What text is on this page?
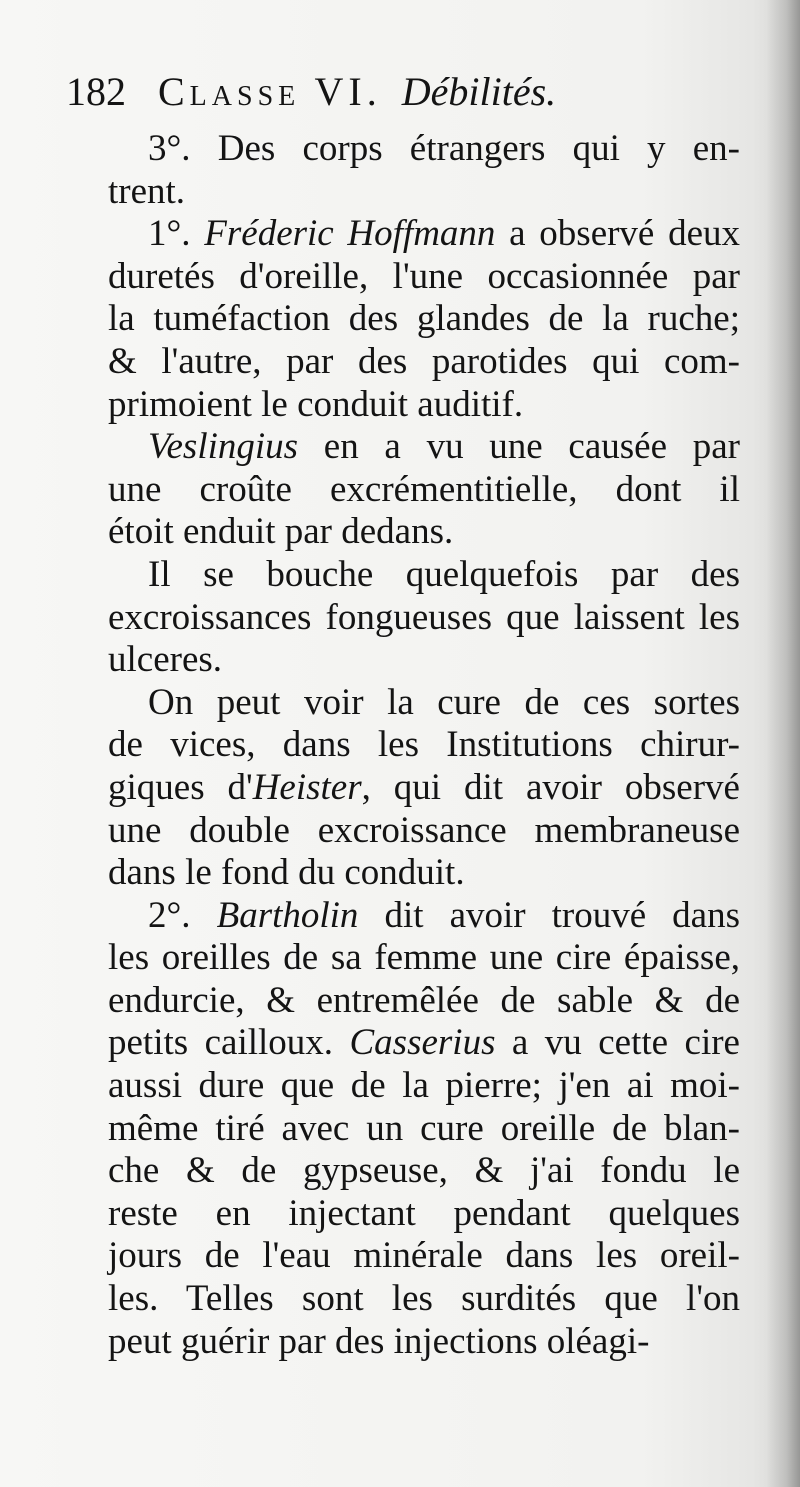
182 Classe VI. Débilités.
3°. Des corps étrangers qui y en-
trent.
1°. Fréderic Hoffmann a observé deux
duretés d'oreille, l'une occasionnée par
la tuméfaction des glandes de la ruche;
& l'autre, par des parotides qui com-
primoient le conduit auditif.
Veslingius en a vu une causée par
une croûte excrémentitielle, dont il
étoit enduit par dedans.
Il se bouche quelquefois par des
excroissances fongueuses que laissent les
ulceres.
On peut voir la cure de ces sortes
de vices, dans les Institutions chirur-
giques d'Heister, qui dit avoir observé
une double excroissance membraneuse
dans le fond du conduit.
2°. Bartholin dit avoir trouvé dans
les oreilles de sa femme une cire épaisse,
endurcie, & entremêlée de sable & de
petits cailloux. Casserius a vu cette cire
aussi dure que de la pierre; j'en ai moi-
même tiré avec un cure oreille de blan-
che & de gypseuse, & j'ai fondu le
reste en injectant pendant quelques
jours de l'eau minérale dans les oreil-
les. Telles sont les surdités que l'on
peut guérir par des injections oléagi-
